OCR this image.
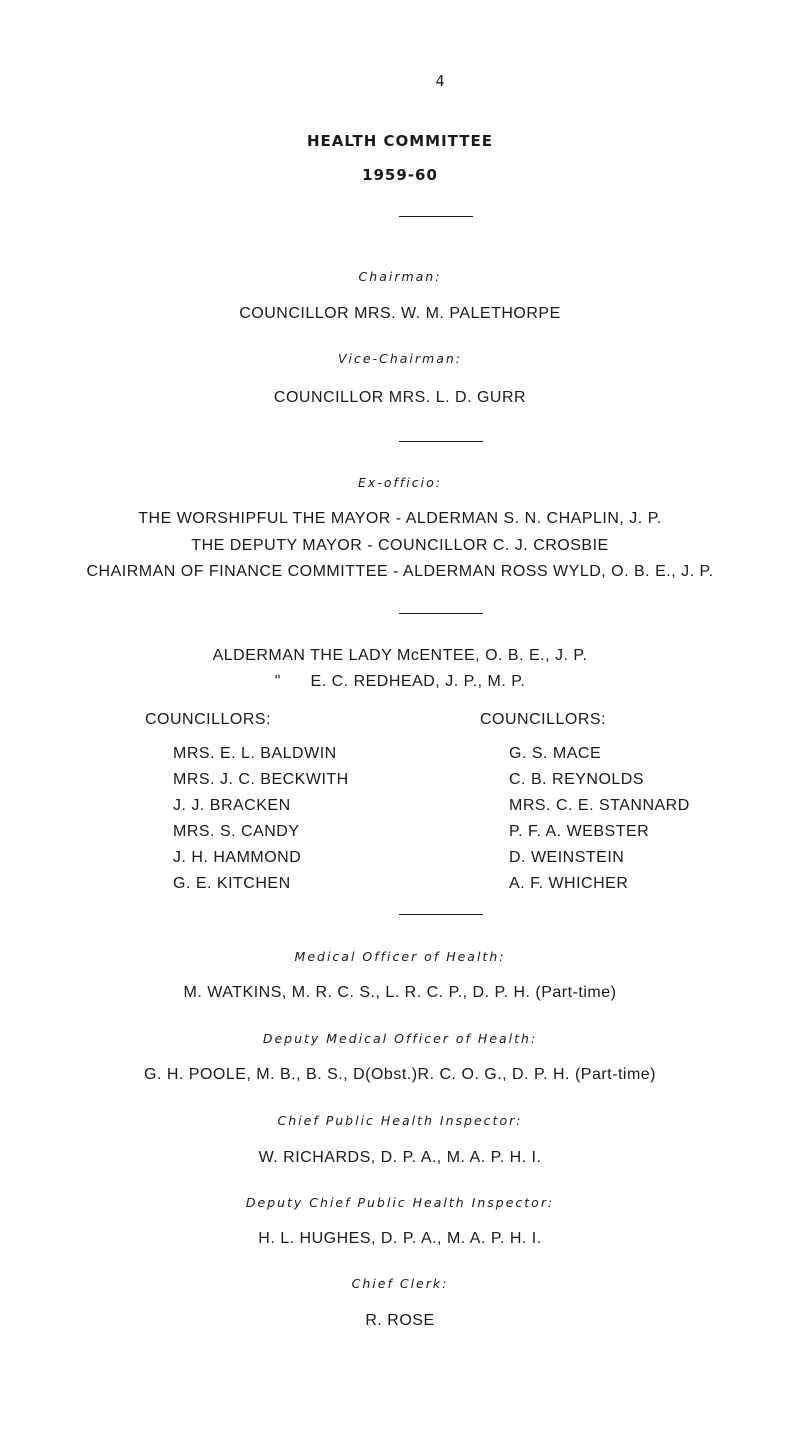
4
HEALTH COMMITTEE
1959-60
Chairman:
COUNCILLOR MRS. W. M. PALETHORPE
Vice-Chairman:
COUNCILLOR MRS. L. D. GURR
Ex-officio:
THE WORSHIPFUL THE MAYOR - ALDERMAN S. N. CHAPLIN, J. P.
THE DEPUTY MAYOR - COUNCILLOR C. J. CROSBIE
CHAIRMAN OF FINANCE COMMITTEE - ALDERMAN ROSS WYLD, O. B. E., J. P.
ALDERMAN THE LADY McENTEE, O. B. E., J. P.
"      E. C. REDHEAD, J. P., M. P.
COUNCILLORS:	COUNCILLORS:
MRS. E. L. BALDWIN
MRS. J. C. BECKWITH
J. J. BRACKEN
MRS. S. CANDY
J. H. HAMMOND
G. E. KITCHEN
G. S. MACE
C. B. REYNOLDS
MRS. C. E. STANNARD
P. F. A. WEBSTER
D. WEINSTEIN
A. F. WHICHER
Medical Officer of Health:
M. WATKINS, M. R. C. S., L. R. C. P., D. P. H. (Part-time)
Deputy Medical Officer of Health:
G. H. POOLE, M. B., B. S., D(Obst.)R. C. O. G., D. P. H. (Part-time)
Chief Public Health Inspector:
W. RICHARDS, D. P. A., M. A. P. H. I.
Deputy Chief Public Health Inspector:
H. L. HUGHES, D. P. A., M. A. P. H. I.
Chief Clerk:
R. ROSE
